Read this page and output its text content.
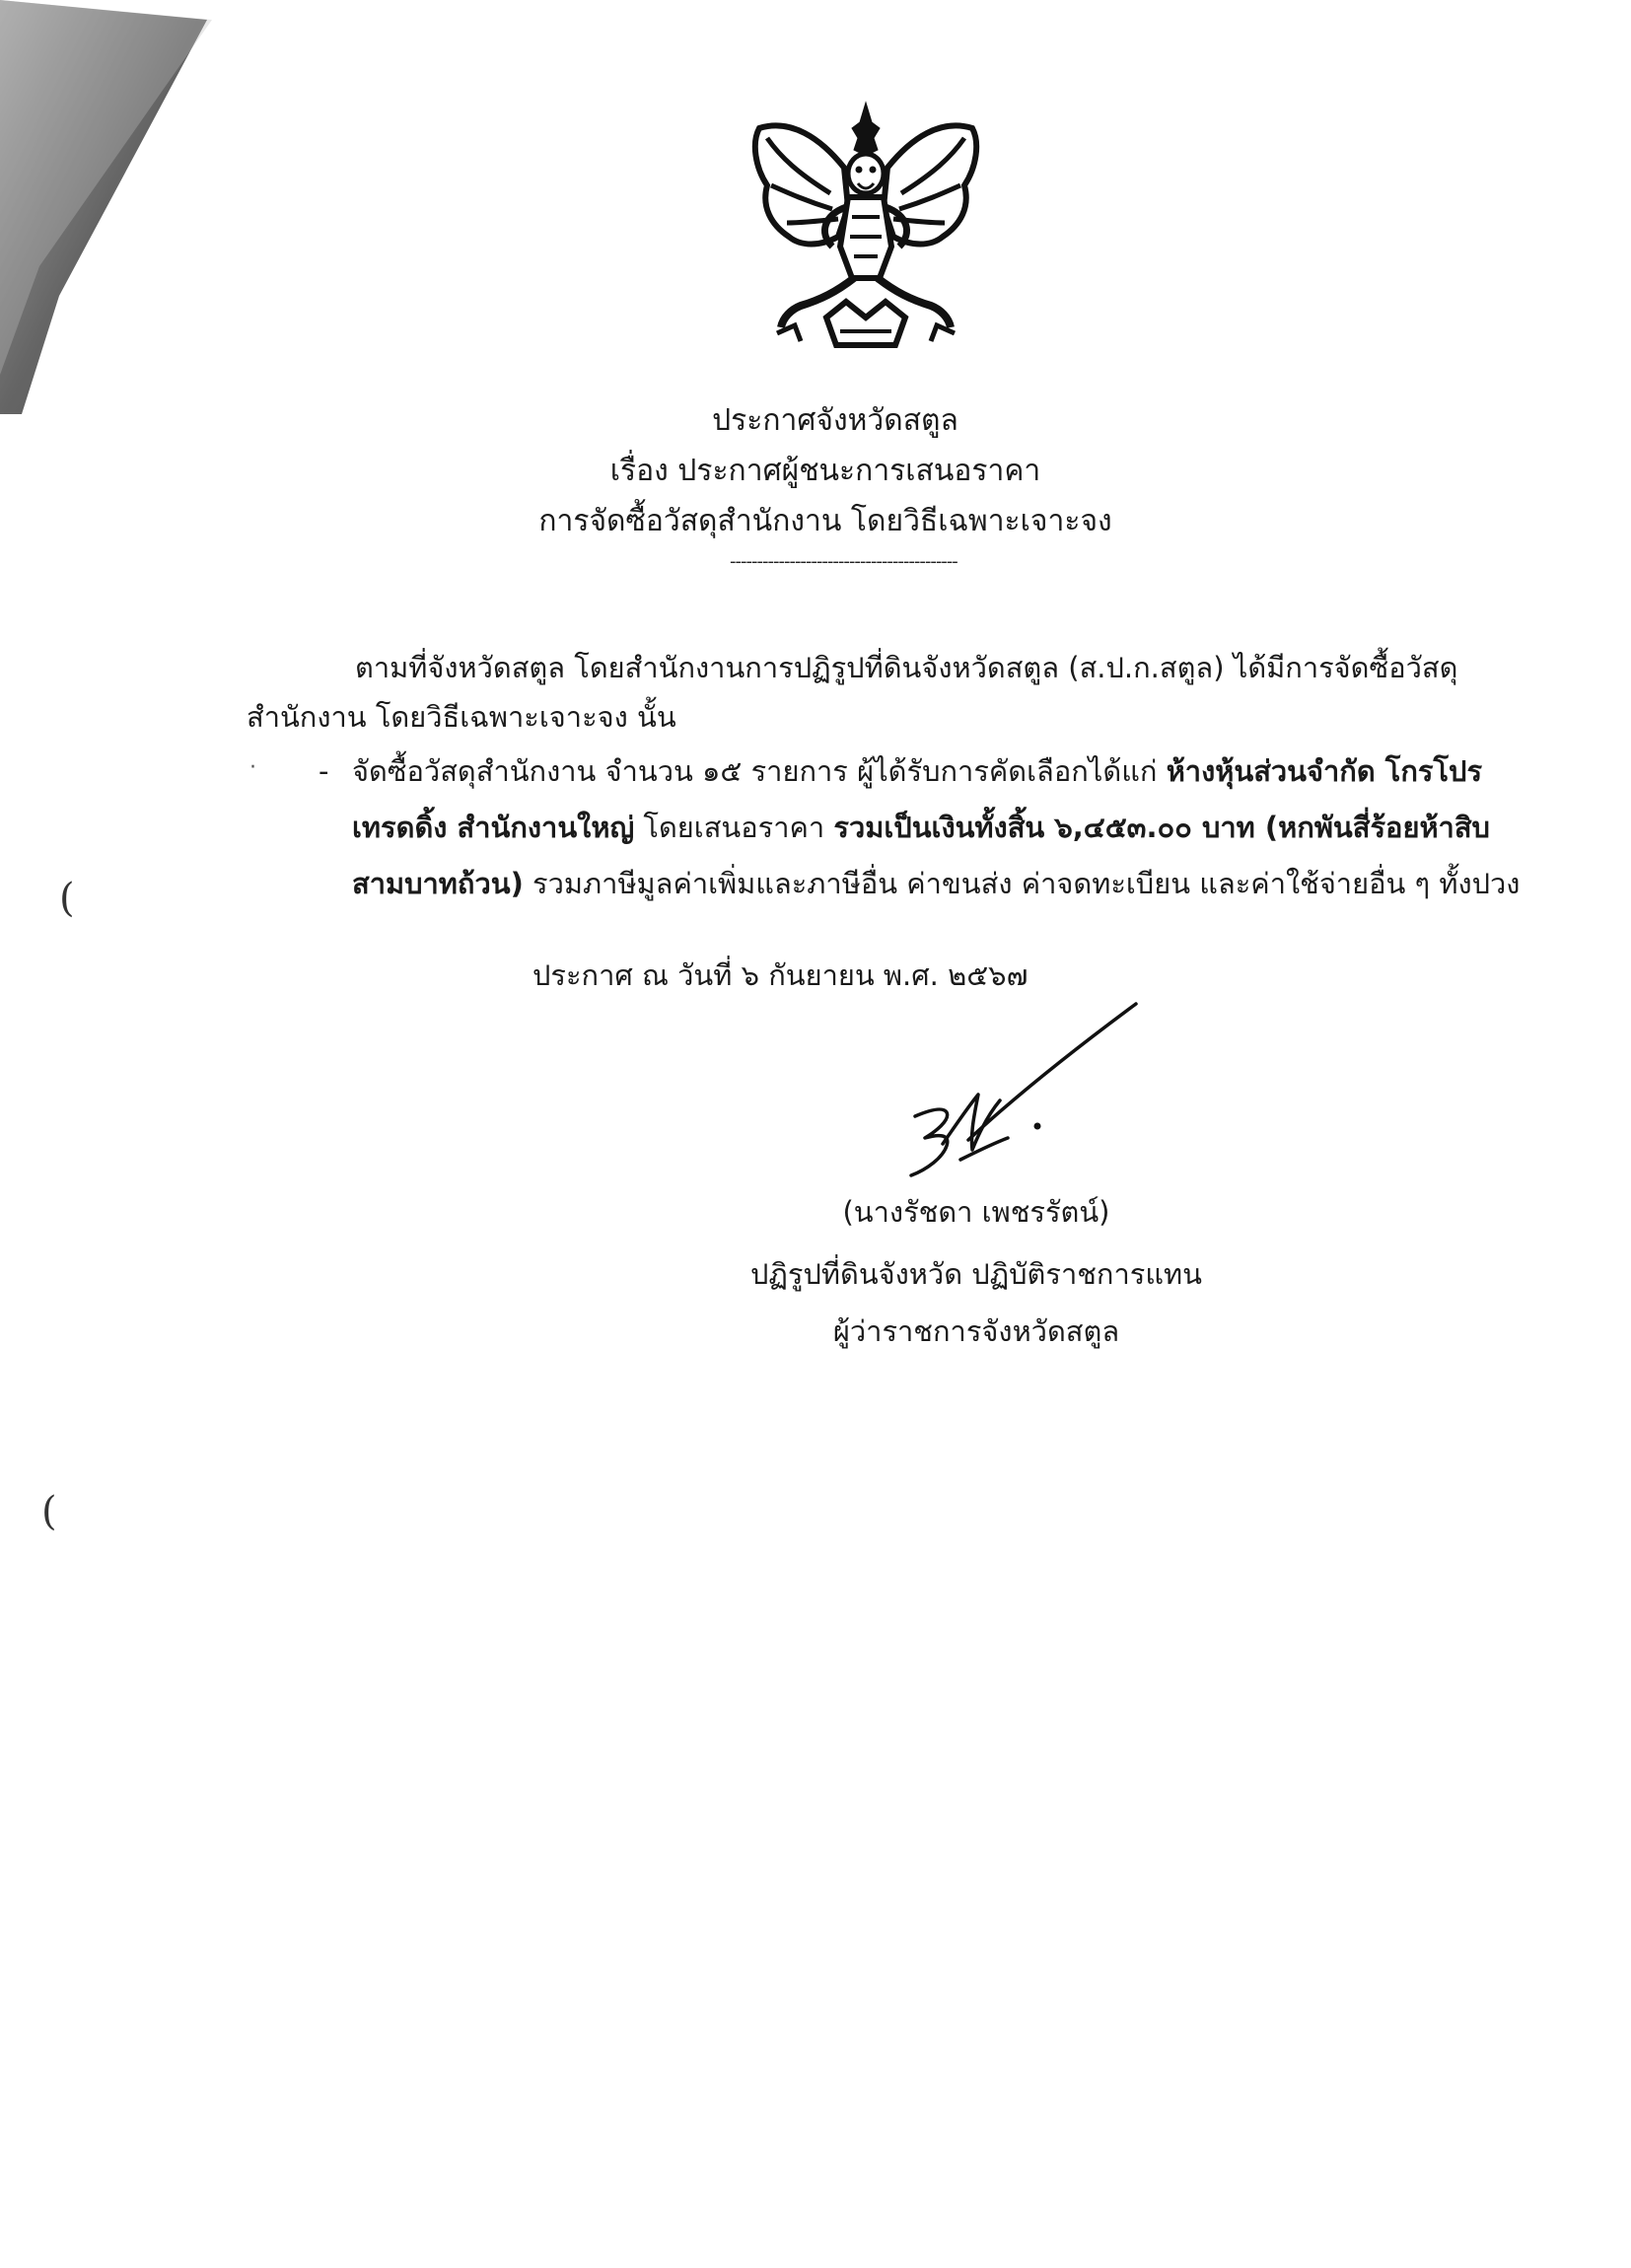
ประกาศจังหวัดสตูล
เรื่อง ประกาศผู้ชนะการเสนอราคา
การจัดซื้อวัสดุสำนักงาน โดยวิธีเฉพาะเจาะจง
------------------------------------------
ตามที่จังหวัดสตูล โดยสำนักงานการปฏิรูปที่ดินจังหวัดสตูล (ส.ป.ก.สตูล) ได้มีการจัดซื้อวัสดุ
สำนักงาน โดยวิธีเฉพาะเจาะจง นั้น
· - จัดซื้อวัสดุสำนักงาน จำนวน ๑๕ รายการ ผู้ได้รับการคัดเลือกได้แก่ ห้างหุ้นส่วนจำกัด โกรโปร
เทรดดิ้ง สำนักงานใหญ่ โดยเสนอราคา รวมเป็นเงินทั้งสิ้น ๖,๔๕๓.๐๐ บาท (หกพันสี่ร้อยห้าสิบ
สามบาทถ้วน) รวมภาษีมูลค่าเพิ่มและภาษีอื่น ค่าขนส่ง ค่าจดทะเบียน และค่าใช้จ่ายอื่น ๆ ทั้งปวง
ประกาศ ณ วันที่ ๖ กันยายน พ.ศ. ๒๕๖๗
(นางรัชดา เพชรรัตน์)
ปฏิรูปที่ดินจังหวัด ปฏิบัติราชการแทน
ผู้ว่าราชการจังหวัดสตูล
(
(
